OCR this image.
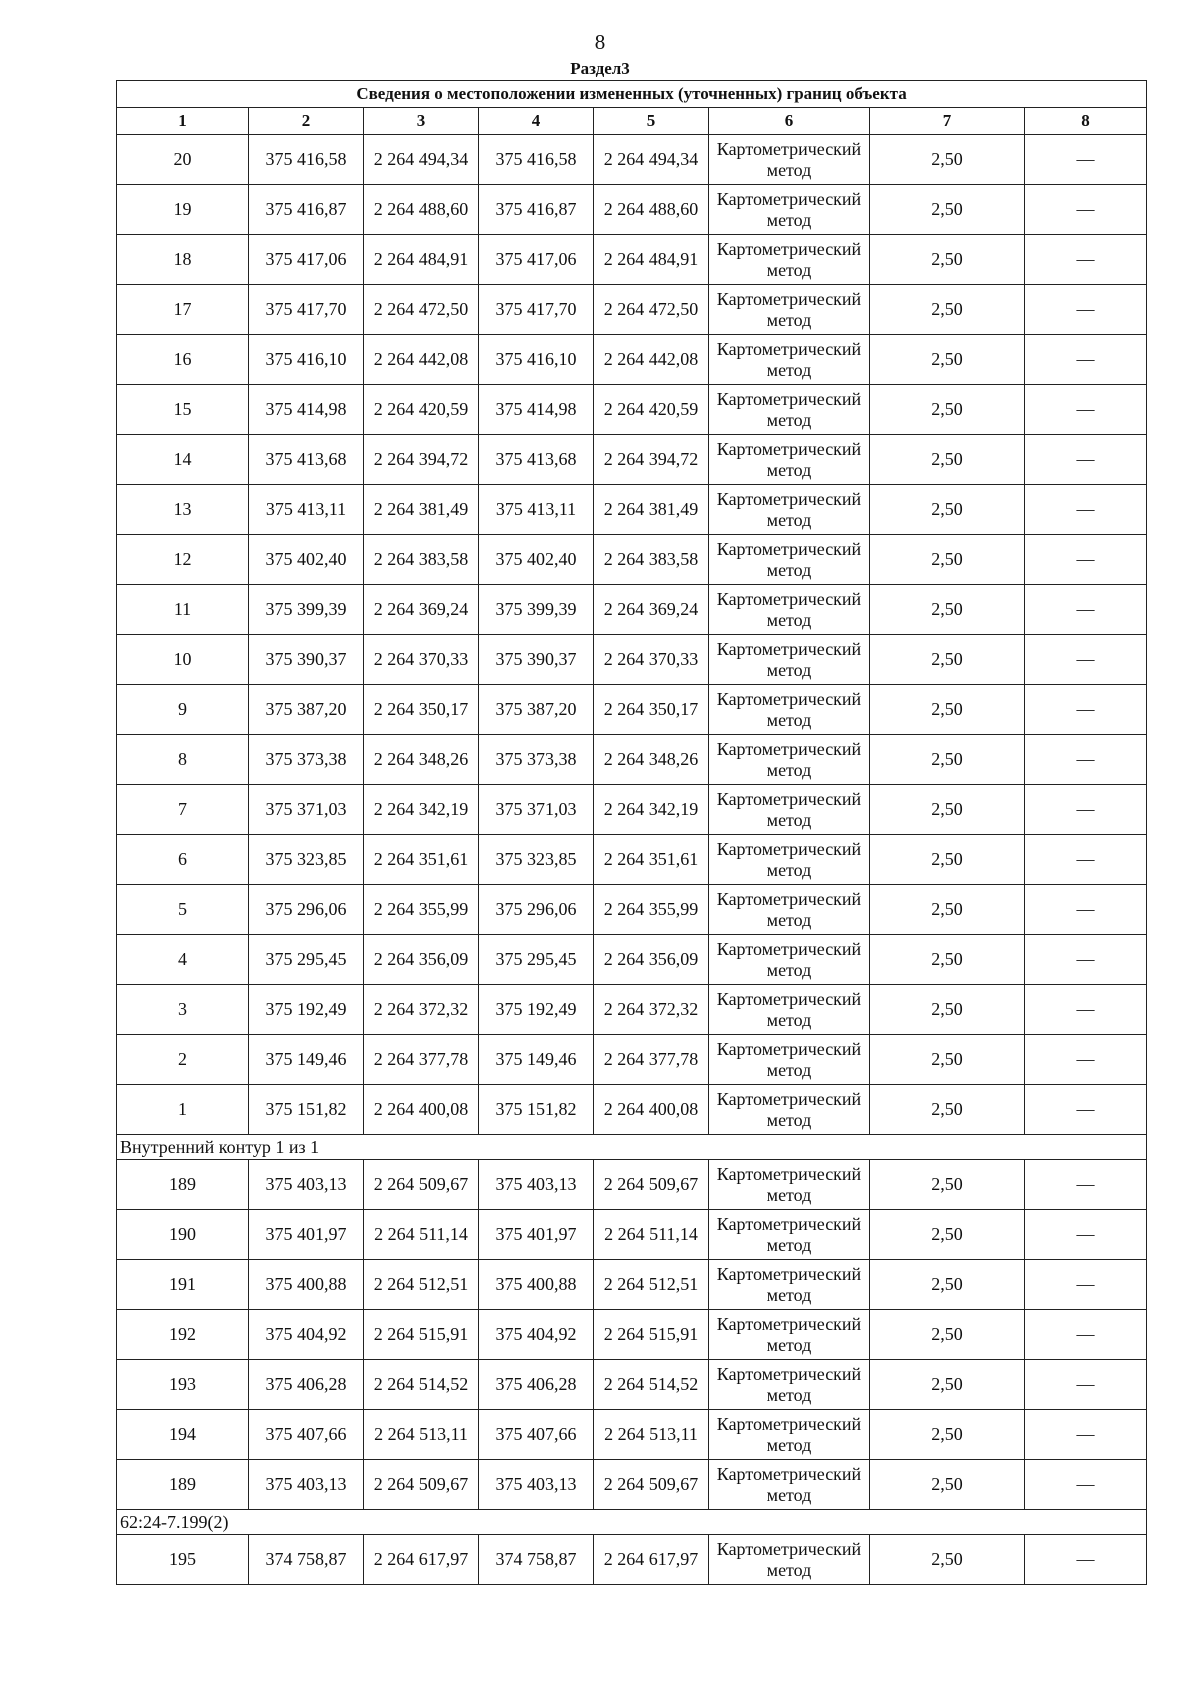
8
Раздел3
Сведения о местоположении измененных (уточненных) границ объекта							
1	2	3	4	5	6	7	8
20	375 416,58	2 264 494,34	375 416,58	2 264 494,34	Картометрический метод	2,50	—
19	375 416,87	2 264 488,60	375 416,87	2 264 488,60	Картометрический метод	2,50	—
18	375 417,06	2 264 484,91	375 417,06	2 264 484,91	Картометрический метод	2,50	—
17	375 417,70	2 264 472,50	375 417,70	2 264 472,50	Картометрический метод	2,50	—
16	375 416,10	2 264 442,08	375 416,10	2 264 442,08	Картометрический метод	2,50	—
15	375 414,98	2 264 420,59	375 414,98	2 264 420,59	Картометрический метод	2,50	—
14	375 413,68	2 264 394,72	375 413,68	2 264 394,72	Картометрический метод	2,50	—
13	375 413,11	2 264 381,49	375 413,11	2 264 381,49	Картометрический метод	2,50	—
12	375 402,40	2 264 383,58	375 402,40	2 264 383,58	Картометрический метод	2,50	—
11	375 399,39	2 264 369,24	375 399,39	2 264 369,24	Картометрический метод	2,50	—
10	375 390,37	2 264 370,33	375 390,37	2 264 370,33	Картометрический метод	2,50	—
9	375 387,20	2 264 350,17	375 387,20	2 264 350,17	Картометрический метод	2,50	—
8	375 373,38	2 264 348,26	375 373,38	2 264 348,26	Картометрический метод	2,50	—
7	375 371,03	2 264 342,19	375 371,03	2 264 342,19	Картометрический метод	2,50	—
6	375 323,85	2 264 351,61	375 323,85	2 264 351,61	Картометрический метод	2,50	—
5	375 296,06	2 264 355,99	375 296,06	2 264 355,99	Картометрический метод	2,50	—
4	375 295,45	2 264 356,09	375 295,45	2 264 356,09	Картометрический метод	2,50	—
3	375 192,49	2 264 372,32	375 192,49	2 264 372,32	Картометрический метод	2,50	—
2	375 149,46	2 264 377,78	375 149,46	2 264 377,78	Картометрический метод	2,50	—
1	375 151,82	2 264 400,08	375 151,82	2 264 400,08	Картометрический метод	2,50	—
Внутренний контур 1 из 1							
189	375 403,13	2 264 509,67	375 403,13	2 264 509,67	Картометрический метод	2,50	—
190	375 401,97	2 264 511,14	375 401,97	2 264 511,14	Картометрический метод	2,50	—
191	375 400,88	2 264 512,51	375 400,88	2 264 512,51	Картометрический метод	2,50	—
192	375 404,92	2 264 515,91	375 404,92	2 264 515,91	Картометрический метод	2,50	—
193	375 406,28	2 264 514,52	375 406,28	2 264 514,52	Картометрический метод	2,50	—
194	375 407,66	2 264 513,11	375 407,66	2 264 513,11	Картометрический метод	2,50	—
189	375 403,13	2 264 509,67	375 403,13	2 264 509,67	Картометрический метод	2,50	—
62:24-7.199(2)							
195	374 758,87	2 264 617,97	374 758,87	2 264 617,97	Картометрический метод	2,50	—
